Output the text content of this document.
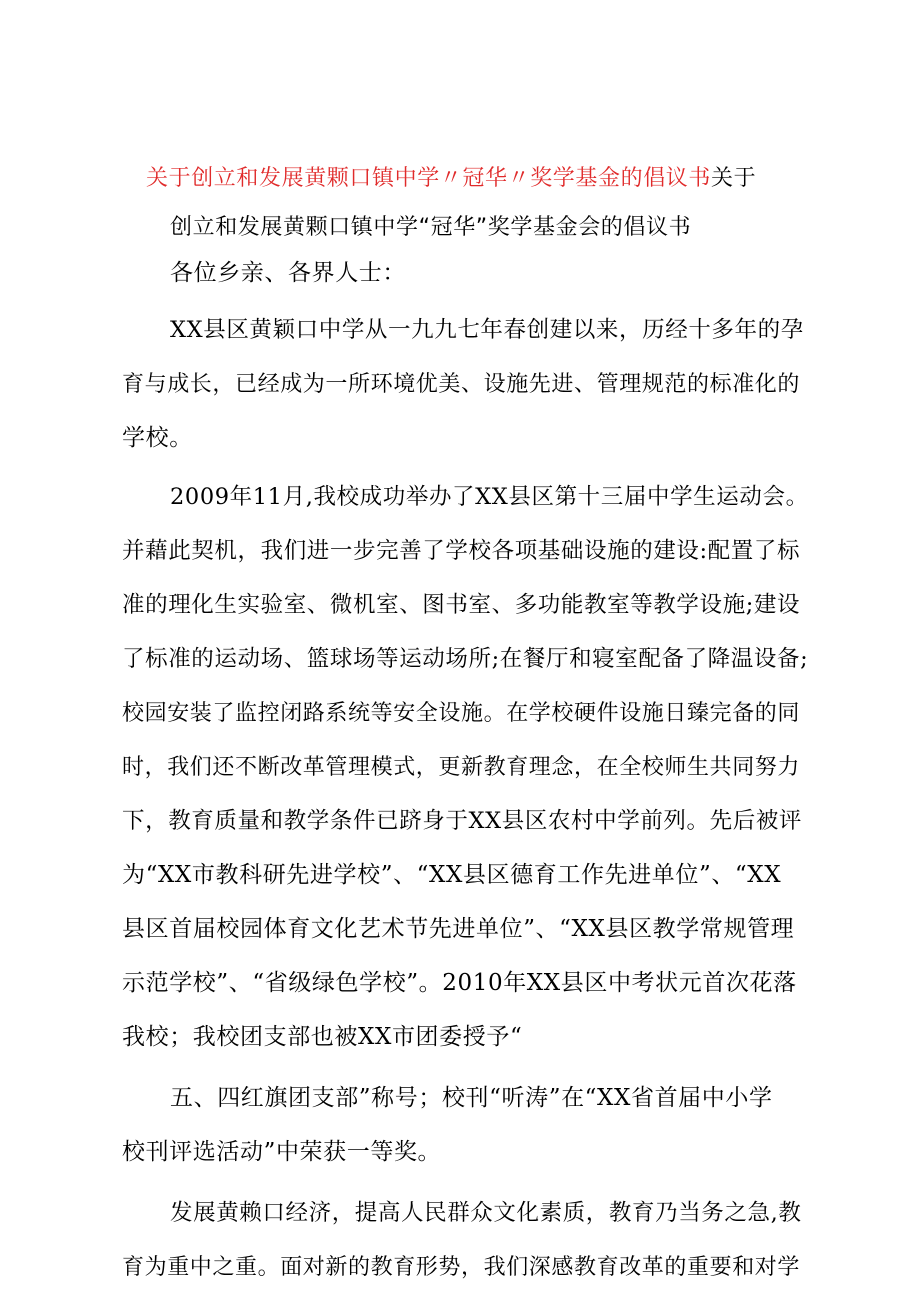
关于创立和发展黄颗口镇中学〃冠华〃奖学基金的倡议书关于
创立和发展黄颗口镇中学“冠华”奖学基金会的倡议书
各位乡亲、各界人士：
XX县区黄颖口中学从一九九七年春创建以来，历经十多年的孕
育与成长，已经成为一所环境优美、设施先进、管理规范的标准化的
学校。
2009年11月,我校成功举办了XX县区第十三届中学生运动会。
并藉此契机，我们进一步完善了学校各项基础设施的建设:配置了标
准的理化生实验室、微机室、图书室、多功能教室等教学设施;建设
了标准的运动场、篮球场等运动场所;在餐厅和寝室配备了降温设备;
校园安装了监控闭路系统等安全设施。在学校硬件设施日臻完备的同
时，我们还不断改革管理模式，更新教育理念，在全校师生共同努力
下，教育质量和教学条件已跻身于XX县区农村中学前列。先后被评
为“XX市教科研先进学校”、“XX县区德育工作先进单位”、“XX
县区首届校园体育文化艺术节先进单位”、“XX县区教学常规管理
示范学校”、“省级绿色学校”。2010年XX县区中考状元首次花落
我校；我校团支部也被XX市团委授予“
五、四红旗团支部”称号；校刊“听涛”在“XX省首届中小学
校刊评选活动”中荣获一等奖。
发展黄赖口经济，提高人民群众文化素质，教育乃当务之急,教
育为重中之重。面对新的教育形势，我们深感教育改革的重要和对学
